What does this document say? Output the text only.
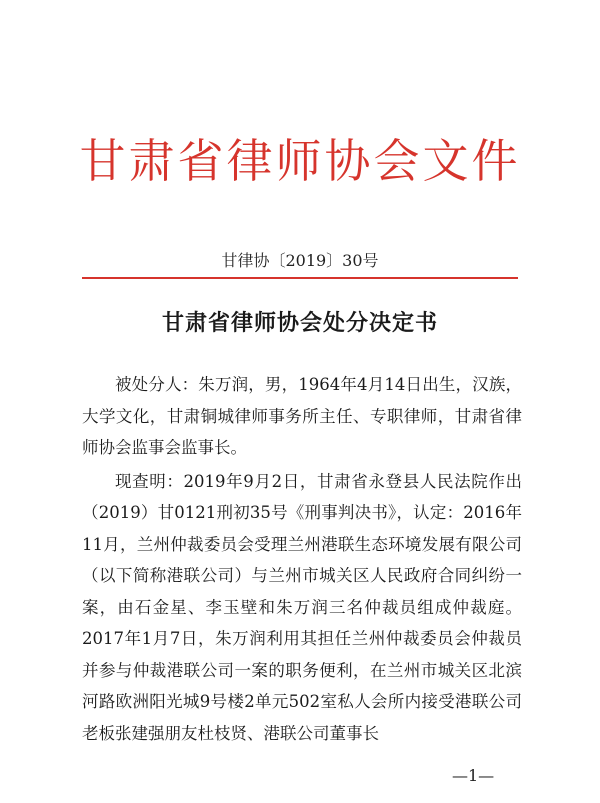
甘肃省律师协会文件
甘律协〔2019〕30号
甘肃省律师协会处分决定书

被处分人：朱万润，男，1964年4月14日出生，汉族，大学文化，甘肃铜城律师事务所主任、专职律师，甘肃省律师协会监事会监事长。

现查明：2019年9月2日，甘肃省永登县人民法院作出（2019）甘0121刑初35号《刑事判决书》，认定：2016年11月，兰州仲裁委员会受理兰州港联生态环境发展有限公司（以下简称港联公司）与兰州市城关区人民政府合同纠纷一案，由石金星、李玉壁和朱万润三名仲裁员组成仲裁庭。2017年1月7日，朱万润利用其担任兰州仲裁委员会仲裁员并参与仲裁港联公司一案的职务便利，在兰州市城关区北滨河路欧洲阳光城9号楼2单元502室私人会所内接受港联公司老板张建强朋友杜枝贤、港联公司董事长

—1—
